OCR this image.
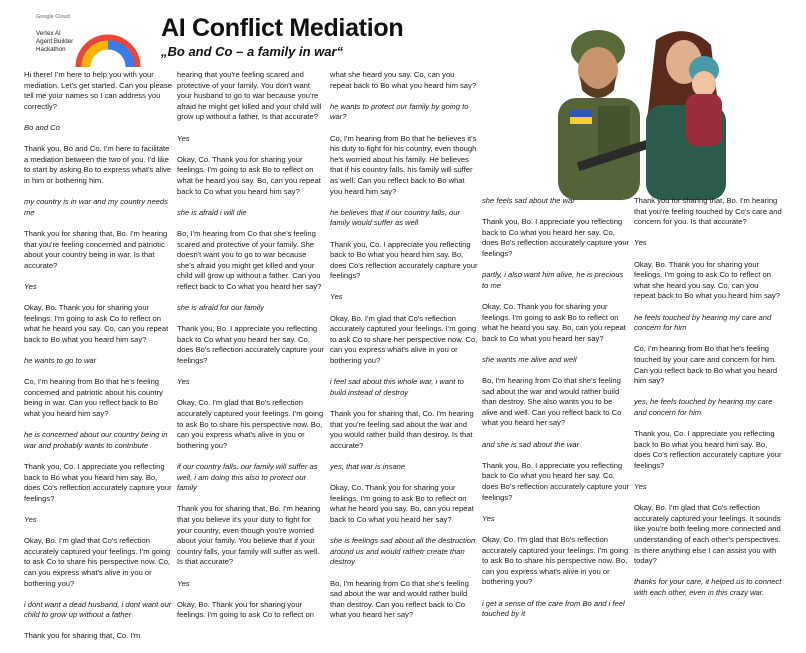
Google Cloud
Vertex AI
Agent Builder
Hackathon
AI Conflict Mediation
„Bo and Co – a family in war“

Hi there! I'm here to help you with your mediation. Let's get started. Can you please tell me your names so I can address you correctly?

Bo and Co

Thank you, Bo and Co. I'm here to facilitate a mediation between the two of you. I'd like to start by asking Bo to express what's alive in him or bothering him.

my country is in war and my country needs me

Thank you for sharing that, Bo. I'm hearing that you're feeling concerned and patriotic about your country being in war. Is that accurate?

Yes

Okay, Bo. Thank you for sharing your feelings. I'm going to ask Co to reflect on what he heard you say. Co, can you repeat back to Bo what you heard him say?

he wants to go to war

Co, I'm hearing from Bo that he's feeling concerned and patriotic about his country being in war. Can you reflect back to Bo what you heard him say?

he is concerned about our country being in war and probably wants to contribute

Thank you, Co. I appreciate you reflecting back to Bo what you heard him say. Bo, does Co's reflection accurately capture your feelings?

Yes

Okay, Bo. I'm glad that Co's reflection accurately captured your feelings. I'm going to ask Co to share his perspective now. Co, can you express what's alive in you or bothering you?

i dont want a dead husband, i dont want our child to grow up without a father

Thank you for sharing that, Co. I'm

hearing that you're feeling scared and protective of your family. You don't want your husband to go to war because you're afraid he might get killed and your child will grow up without a father. Is that accurate?

Yes

Okay, Co. Thank you for sharing your feelings. I'm going to ask Bo to reflect on what he heard you say. Bo, can you repeat back to Co what you heard him say?

she is afraid i will die

Bo, I'm hearing from Co that she's feeling scared and protective of your family. She doesn't want you to go to war because she's afraid you might get killed and your child will grow up without a father. Can you reflect back to Co what you heard her say?

she is afraid for our family

Thank you, Bo. I appreciate you reflecting back to Co what you heard her say. Co, does Bo's reflection accurately capture your feelings?

Yes

Okay, Co. I'm glad that Bo's reflection accurately captured your feelings. I'm going to ask Bo to share his perspective now. Bo, can you express what's alive in you or bothering you?

if our country falls, our family will suffer as well, i am doing this also to protect our family

Thank you for sharing that, Bo. I'm hearing that you believe it's your duty to fight for your country, even though you're worried about your family. You believe that if your country falls, your family will suffer as well. Is that accurate?

Yes

Okay, Bo. Thank you for sharing your feelings. I'm going to ask Co to reflect on

what she heard you say. Co, can you repeat back to Bo what you heard him say?

he wants to protect our family by going to war?

Co, I'm hearing from Bo that he believes it's his duty to fight for his country, even though he's worried about his family. He believes that if his country falls, his family will suffer as well. Can you reflect back to Bo what you heard him say?

he believes that if our country falls, our family would suffer as well

Thank you, Co. I appreciate you reflecting back to Bo what you heard him say. Bo, does Co's reflection accurately capture your feelings?

Yes

Okay, Bo. I'm glad that Co's reflection accurately captured your feelings. I'm going to ask Co to share her perspective now. Co, can you express what's alive in you or bothering you?

i feel sad about this whole war, i want to build instead of destroy

Thank you for sharing that, Co. I'm hearing that you're feeling sad about the war and you would rather build than destroy. Is that accurate?

yes, that war is insane

Okay, Co. Thank you for sharing your feelings. I'm going to ask Bo to reflect on what he heard you say. Bo, can you repeat back to Co what you heard her say?

she is feelings sad about all the destruction around us and would rathetr create than destroy

Bo, I'm hearing from Co that she's feeling sad about the war and would rather build than destroy. Can you reflect back to Co what you heard her say?

she feels sad about the war

Thank you, Bo. I appreciate you reflecting back to Co what you heard her say. Co, does Bo's reflection accurately capture your feelings?

partly, i also want him alive, he is precious to me

Okay, Co. Thank you for sharing your feelings. I'm going to ask Bo to reflect on what he heard you say. Bo, can you repeat back to Co what you heard her say?

she wants me alive and well

Bo, I'm hearing from Co that she's feeling sad about the war and would rather build than destroy. She also wants you to be alive and well. Can you reflect back to Co what you heard her say?

and she is sad about the war

Thank you, Bo. I appreciate you reflecting back to Co what you heard her say. Co, does Bo's reflection accurately capture your feelings?

Yes

Okay, Co. I'm glad that Bo's reflection accurately captured your feelings. I'm going to ask Bo to share his perspective now. Bo, can you express what's alive in you or bothering you?

i get a sense of the care from Bo and i feel touched by it

Thank you for sharing that, Bo. I'm hearing that you're feeling touched by Co's care and concern for you. Is that accurate?

Yes

Okay, Bo. Thank you for sharing your feelings. I'm going to ask Co to reflect on what she heard you say. Co, can you repeat back to Bo what you heard him say?

he feels touched by hearing my care and concern for him

Co, I'm hearing from Bo that he's feeling touched by your care and concern for him. Can you reflect back to Bo what you heard him say?

yes, he feels touched by hearing my care and concern for him

Thank you, Co. I appreciate you reflecting back to Bo what you heard him say. Bo, does Co's reflection accurately capture your feelings?

Yes

Okay, Bo. I'm glad that Co's reflection accurately captured your feelings. It sounds like you're both feeling more connected and understanding of each other's perspectives. Is there anything else I can assist you with today?

thanks for your care, it helped us to connect with each other, even in this crazy war.
